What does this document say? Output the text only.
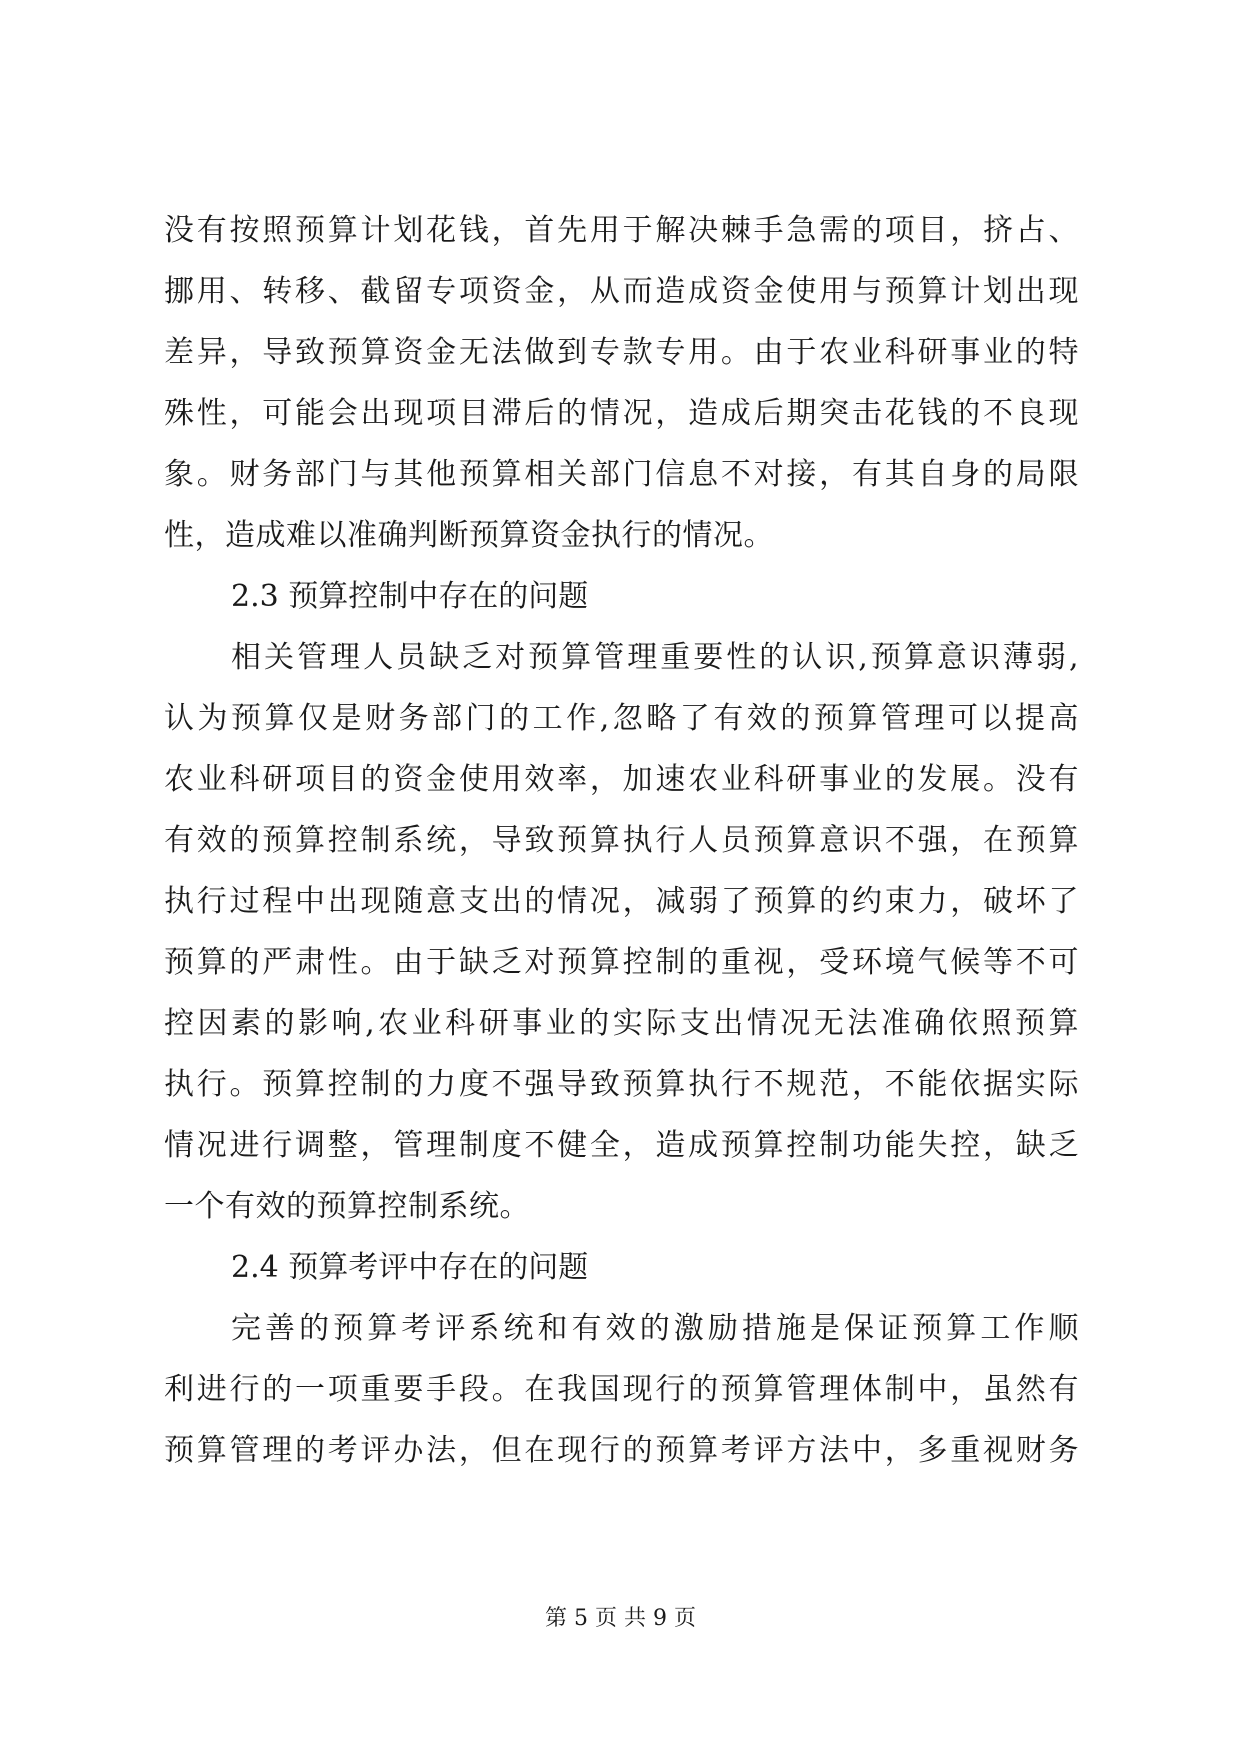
没有按照预算计划花钱，首先用于解决棘手急需的项目，挤占、
挪用、转移、截留专项资金，从而造成资金使用与预算计划出现
差异，导致预算资金无法做到专款专用。由于农业科研事业的特
殊性，可能会出现项目滞后的情况，造成后期突击花钱的不良现
象。财务部门与其他预算相关部门信息不对接，有其自身的局限
性，造成难以准确判断预算资金执行的情况。
2.3 预算控制中存在的问题
相关管理人员缺乏对预算管理重要性的认识,预算意识薄弱,
认为预算仅是财务部门的工作,忽略了有效的预算管理可以提高
农业科研项目的资金使用效率，加速农业科研事业的发展。没有
有效的预算控制系统，导致预算执行人员预算意识不强，在预算
执行过程中出现随意支出的情况，减弱了预算的约束力，破坏了
预算的严肃性。由于缺乏对预算控制的重视，受环境气候等不可
控因素的影响,农业科研事业的实际支出情况无法准确依照预算
执行。预算控制的力度不强导致预算执行不规范，不能依据实际
情况进行调整，管理制度不健全，造成预算控制功能失控，缺乏
一个有效的预算控制系统。
2.4 预算考评中存在的问题
完善的预算考评系统和有效的激励措施是保证预算工作顺
利进行的一项重要手段。在我国现行的预算管理体制中，虽然有
预算管理的考评办法，但在现行的预算考评方法中，多重视财务
第 5 页 共 9 页
